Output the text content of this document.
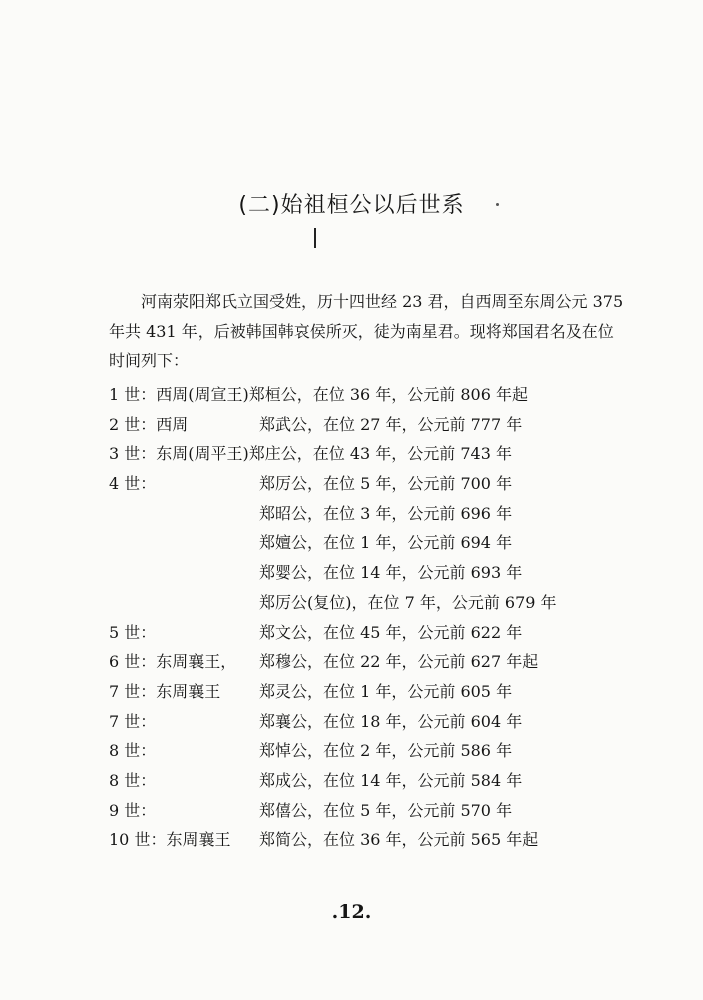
(二)始祖桓公以后世系
河南荥阳郑氏立国受姓，历十四世经 23 君，自西周至东周公元 375 年共 431 年，后被韩国韩哀侯所灭，徒为南星君。现将郑国君名及在位时间列下：
1 世：西周(周宣王)郑桓公，在位 36 年，公元前 806 年起
2 世：西周	郑武公，在位 27 年，公元前 777 年
3 世：东周(周平王)郑庄公，在位 43 年，公元前 743 年
4 世：	郑厉公，在位 5 年，公元前 700 年
郑昭公，在位 3 年，公元前 696 年
郑嬗公，在位 1 年，公元前 694 年
郑婴公，在位 14 年，公元前 693 年
郑厉公(复位)，在位 7 年，公元前 679 年
5 世：	郑文公，在位 45 年，公元前 622 年
6 世：东周襄王， 郑穆公，在位 22 年，公元前 627 年起
7 世：东周襄王 郑灵公，在位 1 年，公元前 605 年
7 世：	郑襄公，在位 18 年，公元前 604 年
8 世：	郑悼公，在位 2 年，公元前 586 年
8 世：	郑成公，在位 14 年，公元前 584 年
9 世：	郑僖公，在位 5 年，公元前 570 年
10 世：东周襄王 郑简公，在位 36 年，公元前 565 年起
.12.
